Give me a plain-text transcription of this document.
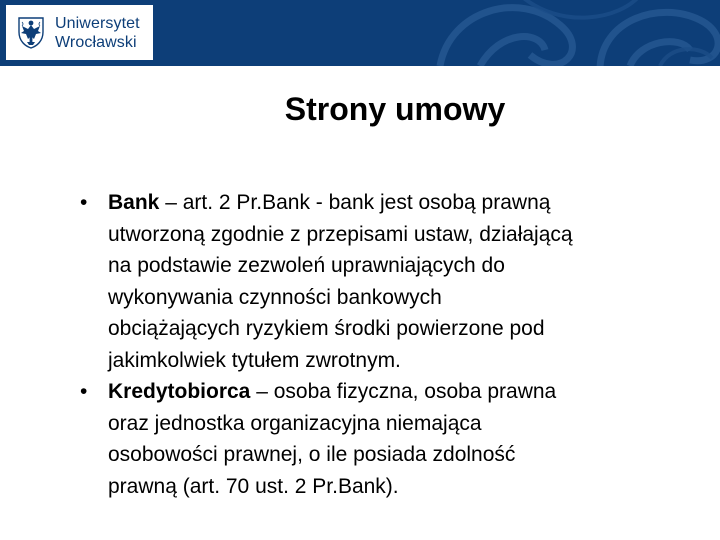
Uniwersytet
Wrocławski
Strony umowy
• Bank – art. 2 Pr.Bank - bank jest osobą prawną
utworzoną zgodnie z przepisami ustaw, działającą
na podstawie zezwoleń uprawniających do
wykonywania czynności bankowych
obciążających ryzykiem środki powierzone pod
jakimkolwiek tytułem zwrotnym.
• Kredytobiorca – osoba fizyczna, osoba prawna
oraz jednostka organizacyjna niemająca
osobowości prawnej, o ile posiada zdolność
prawną (art. 70 ust. 2 Pr.Bank).
